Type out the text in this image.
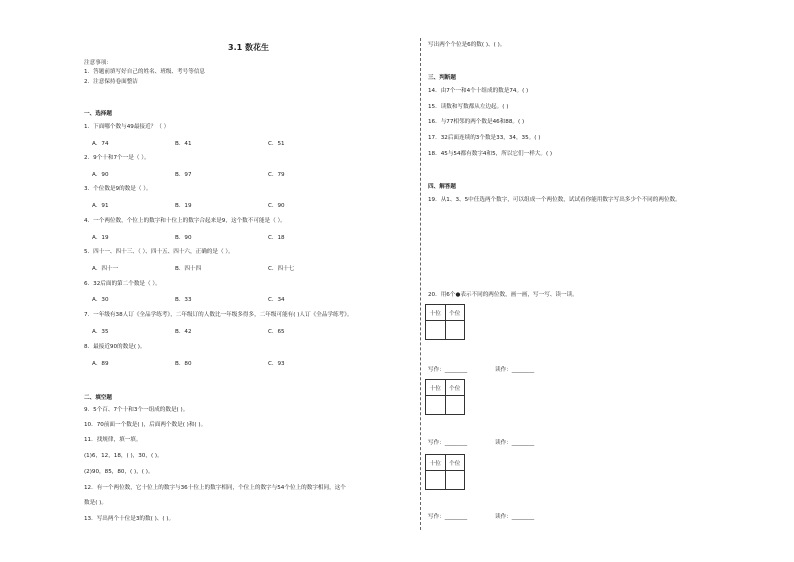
3.1 数花生
注意事项：
1．答题前填写好自己的姓名、班级、考号等信息
2．注意保持卷面整洁
一、选择题
1．下面哪个数与49最接近？（ ）
A．74	B．41	C．51
2．9个十和7个一是（ ）。
A．90	B．97	C．79
3．个位数是9的数是（ ）。
A．91	B．19	C．90
4．一个两位数，个位上的数字和十位上的数字合起来是9，这个数不可能是（ ）。
A．19	B．90	C．18
5．四十一、四十三、（ ）、四十五、四十六，正确的是（ ）。
A．四十一	B．四十四	C．四十七
6．32后面的第二个数是（ ）。
A．30	B．33	C．34
7．一年级有38人订《全品学练考》，二年级订的人数比一年级多得多，二年级可能有( )人订《全品学练考》。
A．35	B．42	C．65
8．最接近90的数是( )。
A．89	B．80	C．93
二、填空题
9．5个百、7个十和3个一组成的数是( )。
10．70前面一个数是( )，后面两个数是( )和( )。
11．找规律，填一填。
(1)6，12，18，( )，30，( )。
(2)90，85，80，( )，( )。
12．有一个两位数，它十位上的数字与36十位上的数字相同，个位上的数字与54个位上的数字相同，这个
数是( )。
13．写出两个十位是3的数( )、( )。
写出两个个位是6的数( )、( )。
三、判断题
14．由7个一和4个十组成的数是74。( )
15．读数和写数都从左边起。( )
16．与77相邻的两个数是46和88。( )
17．32后面连续的3个数是33，34，35。( )
18．45与54都有数字4和5，所以它们一样大。( )
四、解答题
19．从1、3、5中任选两个数字，可以组成一个两位数，试试看你能用数字写出多少个不同的两位数。
20．用6个●表示不同的两位数，画一画，写一写、读一读。
十位	个位

写作：________	读作：________
十位	个位

写作：________	读作：________
十位	个位

写作：________	读作：________
